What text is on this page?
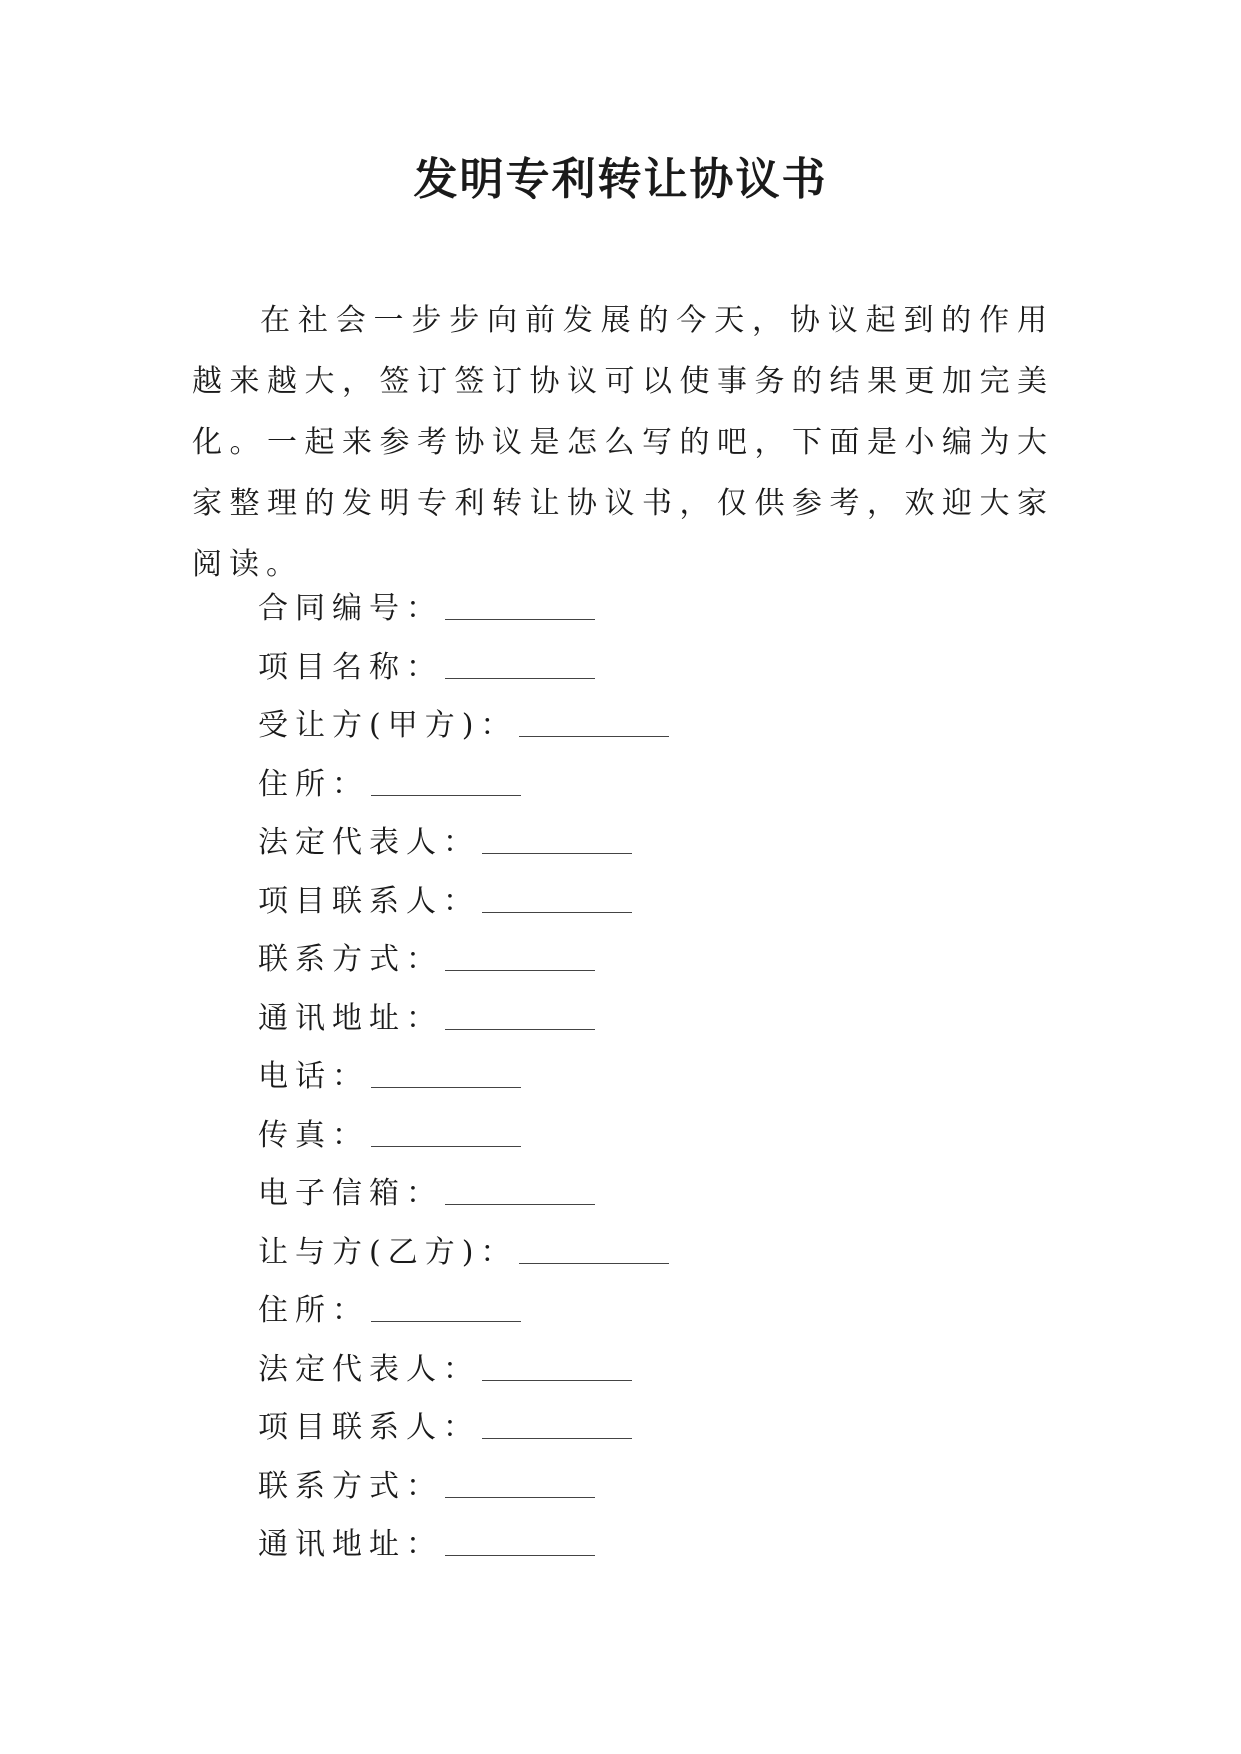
发明专利转让协议书

在社会一步步向前发展的今天，协议起到的作用越来越大，签订签订协议可以使事务的结果更加完美化。一起来参考协议是怎么写的吧，下面是小编为大家整理的发明专利转让协议书，仅供参考，欢迎大家阅读。

合同编号：
项目名称：
受让方(甲方)：
住所：
法定代表人：
项目联系人：
联系方式：
通讯地址：
电话：
传真：
电子信箱：
让与方(乙方)：
住所：
法定代表人：
项目联系人：
联系方式：
通讯地址：
